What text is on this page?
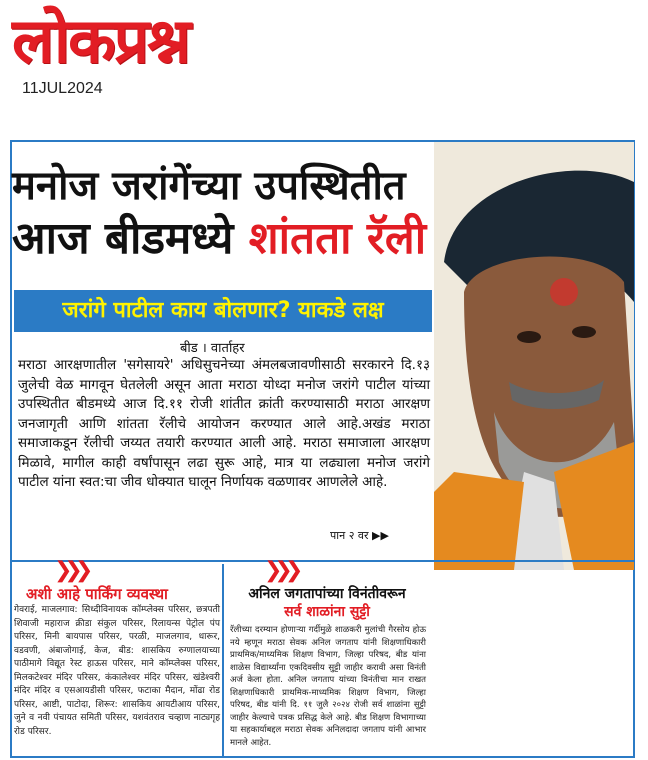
लोकप्रश्न
11JUL2024
मनोज जरांगेंच्या उपस्थितीत
आज बीडमध्ये शांतता रॅली
जरांगे पाटील काय बोलणार? याकडे लक्ष
बीड । वार्ताहर
मराठा आरक्षणातील 'सगेसायरे' अधिसुचनेच्या अंमलबजावणीसाठी सरकारने दि.१३ जुलेची वेळ मागवून घेतलेली असून आता मराठा योध्दा मनोज जरांगे पाटील यांच्या उपस्थितीत बीडमध्ये आज दि.११ रोजी शांतीत क्रांती करण्यासाठी मराठा आरक्षण जनजागृती आणि शांतता रॅलीचे आयोजन करण्यात आले आहे.अखंड मराठा समाजाकडून रॅलीची जय्यत तयारी करण्यात आली आहे. मराठा समाजाला आरक्षण मिळावे, मागील काही वर्षांपासून लढा सुरू आहे, मात्र या लढ्याला मनोज जरांगे पाटील यांना स्वत:चा जीव धोक्यात घालून निर्णायक वळणावर आणलेले आहे.
पान २ वर ▶▶
❯❯❯
अशी आहे पार्किंग व्यवस्था
गेवराई, माजलगाव: सिध्दीविनायक कॉम्प्लेक्स परिसर, छत्रपती शिवाजी महाराज क्रीडा संकुल परिसर, रिलायन्स पेट्रोल पंप परिसर, मिनी बायपास परिसर, परळी, माजलगाव, धारूर, वडवणी, अंबाजोगाई, केज, बीड: शासकिय रुग्णालयाच्या पाठीमागे विद्यूत रेस्ट हाऊस परिसर, माने कॉम्प्लेक्स परिसर, मिलकटेश्वर मंदिर परिसर, कंकालेश्वर मंदिर परिसर, खंडेश्वरी मंदिर मंदिर व एसआयडीसी परिसर, फटाका मैदान, मोंढा रोड परिसर, आष्टी, पाटोदा, शिरूर: शासकिय आयटीआय परिसर, जुने व नवी पंचायत समिती परिसर, यशवंतराव चव्हाण नाट्यगृह रोड परिसर.
❯❯❯
अनिल जगतापांच्या विनंतीवरून
सर्व शाळांना सुट्टी
रॅलीच्या दरम्यान होणाऱ्या गर्दीमुळे शाळकरी मुलांची गैरसोय होऊ नये म्हणून मराठा सेवक अनिल जगताप यांनी शिक्षणाधिकारी प्राथमिक/माध्यमिक शिक्षण विभाग, जिल्हा परिषद, बीड यांना शाळेस विद्यार्थ्यांना एकदिवसीय सुट्टी जाहीर करावी असा विनंती अर्ज केला होता. अनिल जगताप यांच्या विनंतीचा मान राखत शिक्षणाधिकारी प्राथमिक-माध्यमिक शिक्षण विभाग, जिल्हा परिषद, बीड यांनी दि. ११ जुलै २०२४ रोजी सर्व शाळांना सुट्टी जाहीर केल्याचे पत्रक प्रसिद्ध केले आहे. बीड शिक्षण विभागाच्या या सहकार्याबद्दल मराठा सेवक अनिलदादा जगताप यांनी आभार मानले आहेत.
